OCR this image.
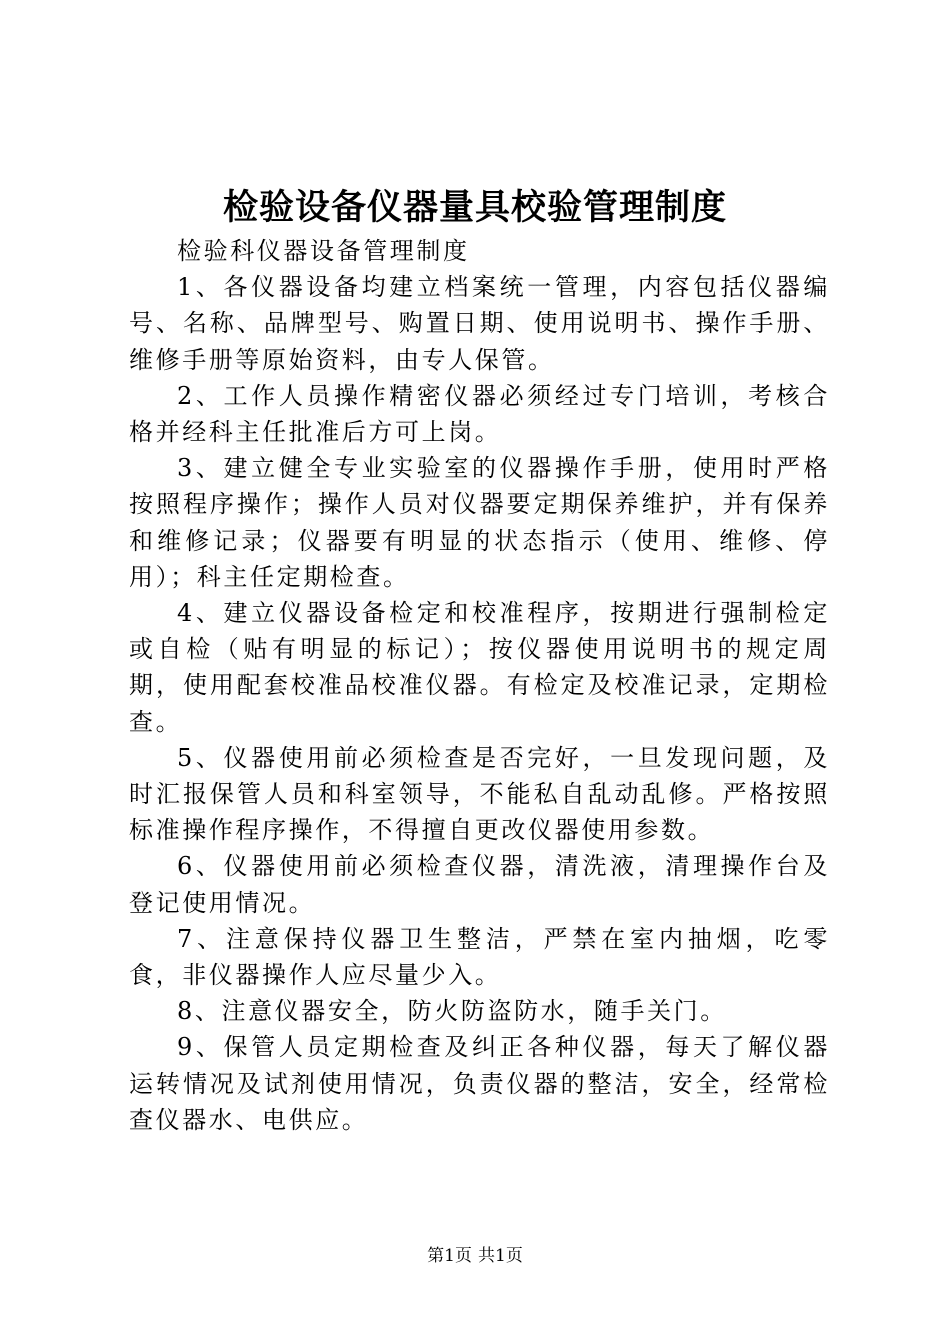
检验设备仪器量具校验管理制度

检验科仪器设备管理制度

1、各仪器设备均建立档案统一管理，内容包括仪器编号、名称、品牌型号、购置日期、使用说明书、操作手册、维修手册等原始资料，由专人保管。

2、工作人员操作精密仪器必须经过专门培训，考核合格并经科主任批准后方可上岗。

3、建立健全专业实验室的仪器操作手册，使用时严格按照程序操作；操作人员对仪器要定期保养维护，并有保养和维修记录；仪器要有明显的状态指示（使用、维修、停用）；科主任定期检查。

4、建立仪器设备检定和校准程序，按期进行强制检定或自检（贴有明显的标记）；按仪器使用说明书的规定周期，使用配套校准品校准仪器。有检定及校准记录，定期检查。

5、仪器使用前必须检查是否完好，一旦发现问题，及时汇报保管人员和科室领导，不能私自乱动乱修。严格按照标准操作程序操作，不得擅自更改仪器使用参数。

6、仪器使用前必须检查仪器，清洗液，清理操作台及登记使用情况。

7、注意保持仪器卫生整洁，严禁在室内抽烟，吃零食，非仪器操作人应尽量少入。

8、注意仪器安全，防火防盗防水，随手关门。

9、保管人员定期检查及纠正各种仪器，每天了解仪器运转情况及试剂使用情况，负责仪器的整洁，安全，经常检查仪器水、电供应。

第1页 共1页
